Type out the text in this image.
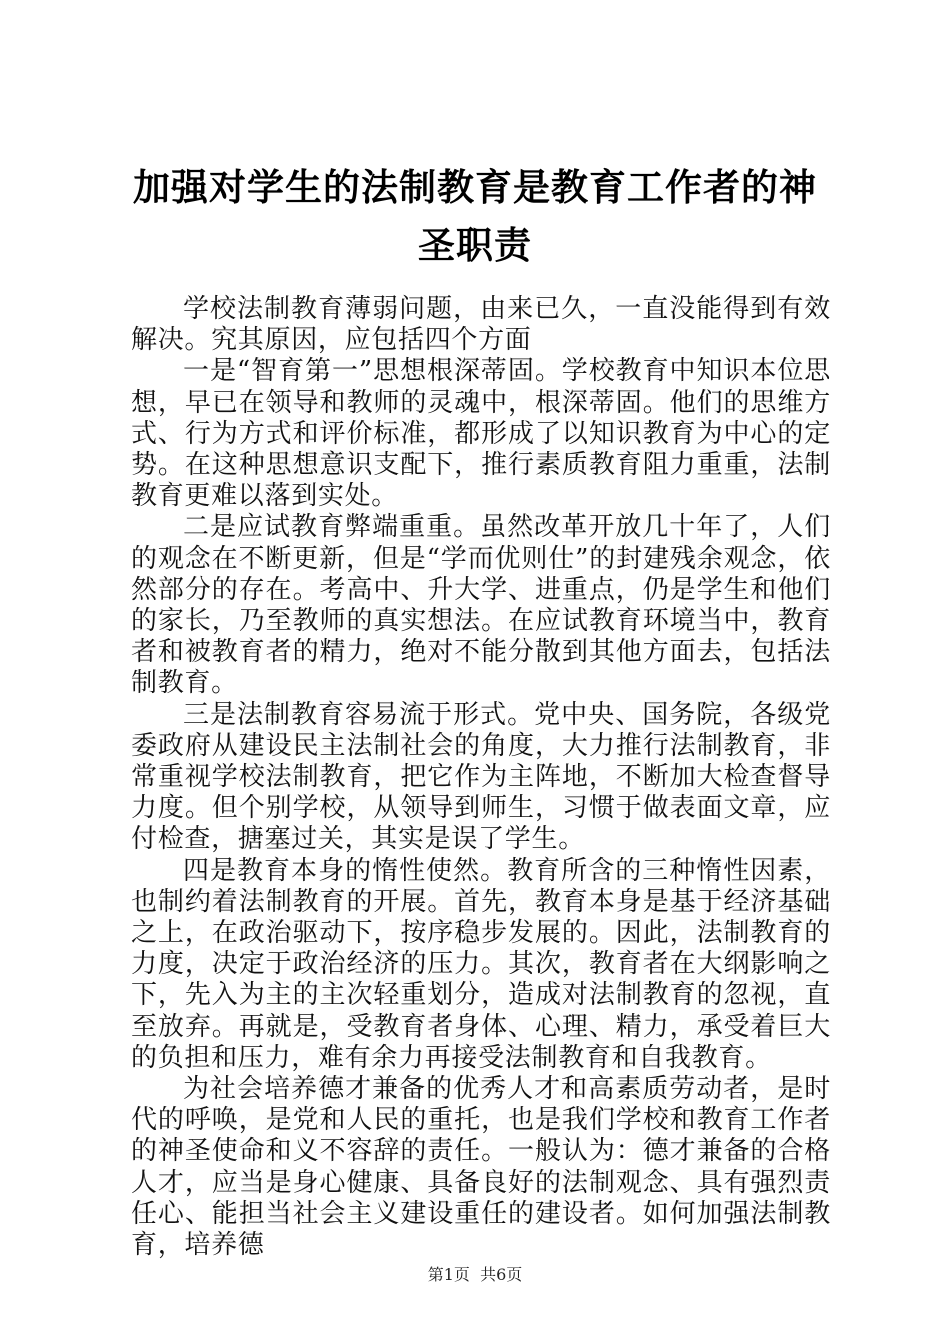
加强对学生的法制教育是教育工作者的神圣职责

学校法制教育薄弱问题，由来已久，一直没能得到有效解决。究其原因，应包括四个方面

一是“智育第一”思想根深蒂固。学校教育中知识本位思想，早已在领导和教师的灵魂中，根深蒂固。他们的思维方式、行为方式和评价标准，都形成了以知识教育为中心的定势。在这种思想意识支配下，推行素质教育阻力重重，法制教育更难以落到实处。

二是应试教育弊端重重。虽然改革开放几十年了，人们的观念在不断更新，但是“学而优则仕”的封建残余观念，依然部分的存在。考高中、升大学、进重点，仍是学生和他们的家长，乃至教师的真实想法。在应试教育环境当中，教育者和被教育者的精力，绝对不能分散到其他方面去，包括法制教育。

三是法制教育容易流于形式。党中央、国务院，各级党委政府从建设民主法制社会的角度，大力推行法制教育，非常重视学校法制教育，把它作为主阵地，不断加大检查督导力度。但个别学校，从领导到师生，习惯于做表面文章，应付检查，搪塞过关，其实是误了学生。

四是教育本身的惰性使然。教育所含的三种惰性因素，也制约着法制教育的开展。首先，教育本身是基于经济基础之上，在政治驱动下，按序稳步发展的。因此，法制教育的力度，决定于政治经济的压力。其次，教育者在大纲影响之下，先入为主的主次轻重划分，造成对法制教育的忽视，直至放弃。再就是，受教育者身体、心理、精力，承受着巨大的负担和压力，难有余力再接受法制教育和自我教育。

为社会培养德才兼备的优秀人才和高素质劳动者，是时代的呼唤，是党和人民的重托，也是我们学校和教育工作者的神圣使命和义不容辞的责任。一般认为：德才兼备的合格人才，应当是身心健康、具备良好的法制观念、具有强烈责任心、能担当社会主义建设重任的建设者。如何加强法制教育，培养德

第1页  共6页
